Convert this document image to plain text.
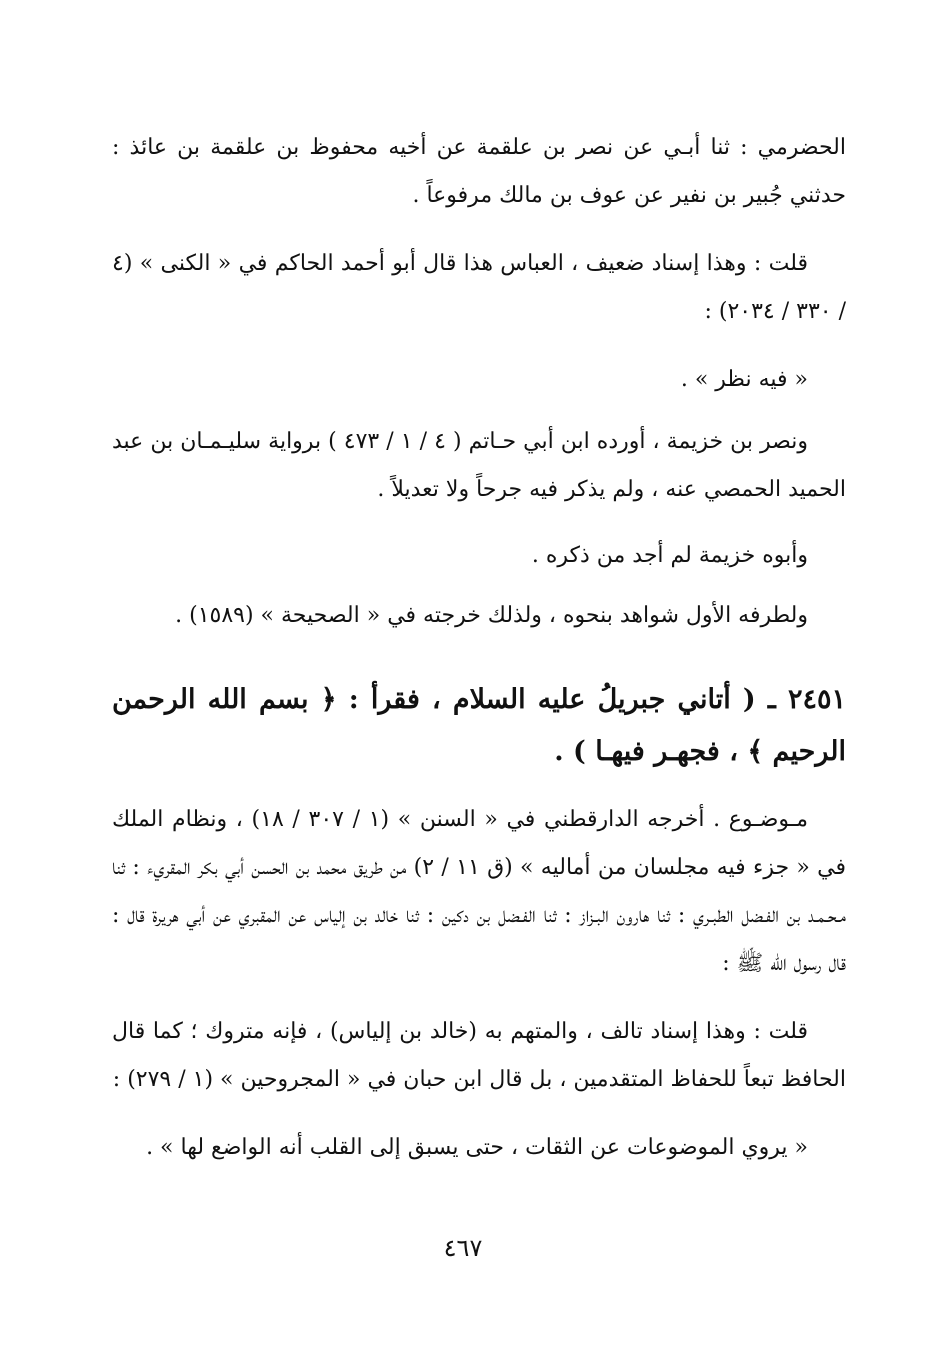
الحضرمي : ثنا أبـي عن نصر بن علقمة عن أخيه محفوظ بن علقمة بن عائذ : حدثني جُبير بن نفير عن عوف بن مالك مرفوعاً .

قلت : وهذا إسناد ضعيف ، العباس هذا قال أبو أحمد الحاكم في « الكنى » (٤ / ٣٣٠ / ٢٠٣٤) :

« فيه نظر » .

ونصر بن خزيمة ، أورده ابن أبي حـاتم ( ٤ / ١ / ٤٧٣ ) برواية سليـمـان بن عبد الحميد الحمصي عنه ، ولم يذكر فيه جرحاً ولا تعديلاً .

وأبوه خزيمة لم أجد من ذكره .

ولطرفه الأول شواهد بنحوه ، ولذلك خرجته في « الصحيحة » (١٥٨٩) .

٢٤٥١ ـ ( أتاني جبريلُ عليه السلام ، فقرأ : ﴿ بسم الله الرحمن الرحيم ﴾ ، فجهـر فيهـا ) .

مـوضـوع . أخرجه الدارقطني في « السنن » (١ / ٣٠٧ / ١٨) ، ونظام الملك في « جزء فيه مجلسان من أماليه » (ق ١١ / ٢) من طريق محمد بن الحسن أبي بكر المقريء : ثنا مـحـمـد بن الفـضل الطبـري : ثنا هارون البـزاز : ثنا الفـضل بن دكين : ثنا خالد بن إلياس عن المقبري عن أبي هريرة قال : قال رسول الله ﷺ :

قلت : وهذا إسناد تالف ، والمتهم به (خالد بن إلياس) ، فإنه متروك ؛ كما قال الحافظ تبعاً للحفاظ المتقدمين ، بل قال ابن حبان في « المجروحين » (١ / ٢٧٩) :

« يروي الموضوعات عن الثقات ، حتى يسبق إلى القلب أنه الواضع لها » .

٤٦٧
